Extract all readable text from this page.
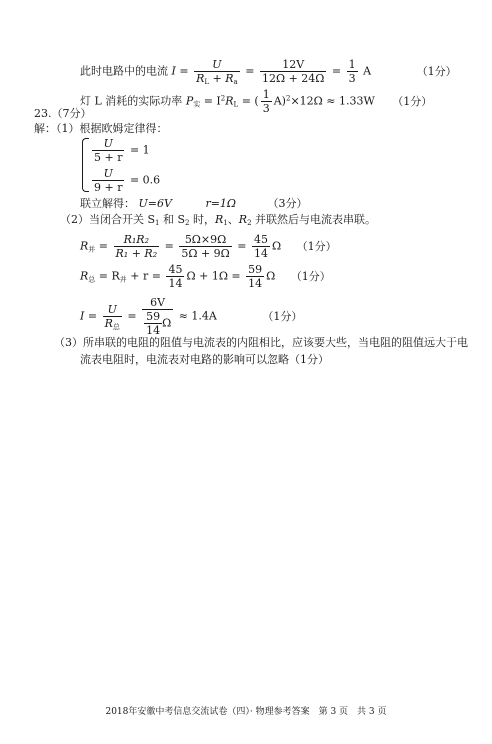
此时电路中的电流 $I = \frac{U}{R_L + R_a} = \frac{12V}{12\Omega + 24\Omega} = \frac{1}{3}$ A	（1分）
灯 L 消耗的实际功率 $P_实 = I^2R_L$ = ( $\frac{1}{3} A)^2\times 12\Omega \approx 1.33W$ （1分）
23.（7分）
解：（1）根据欧姆定律得：
$\frac{U}{5 + r} = 1$
$\frac{U}{9 + r} = 0.6$
联立解得： U=6V	r=1Ω	（3分）
（2）当闭合开关 $S_1$ 和 $S_2$ 时，$R_1$、$R_2$ 并联然后与电流表串联。
$R_并 = \frac{\text{R₁R₂}}{\text{R₁ + R₂}} = \frac{5\Omega\times 9\Omega}{5\Omega + 9\Omega} = \frac{45}{14}$ Ω （1分）
$R_总 = R_并 + r = \frac{45}{14}$ $\Omega + 1\Omega = \frac{59}{14}$ Ω （1分）
$I = \frac{U}{R_总} = \frac{6V}{\frac{59}{14} \Omega} \approx 1.4A$	（1分）
（3）所串联的电阻的阻值与电流表的内阻相比，应该要大些，当电阻的阻值远大于电
流表电阻时，电流表对电路的影响可以忽略（1分）
2018年安徽中考信息交流试卷（四）· 物理参考答案　第 3 页　共 3 页
